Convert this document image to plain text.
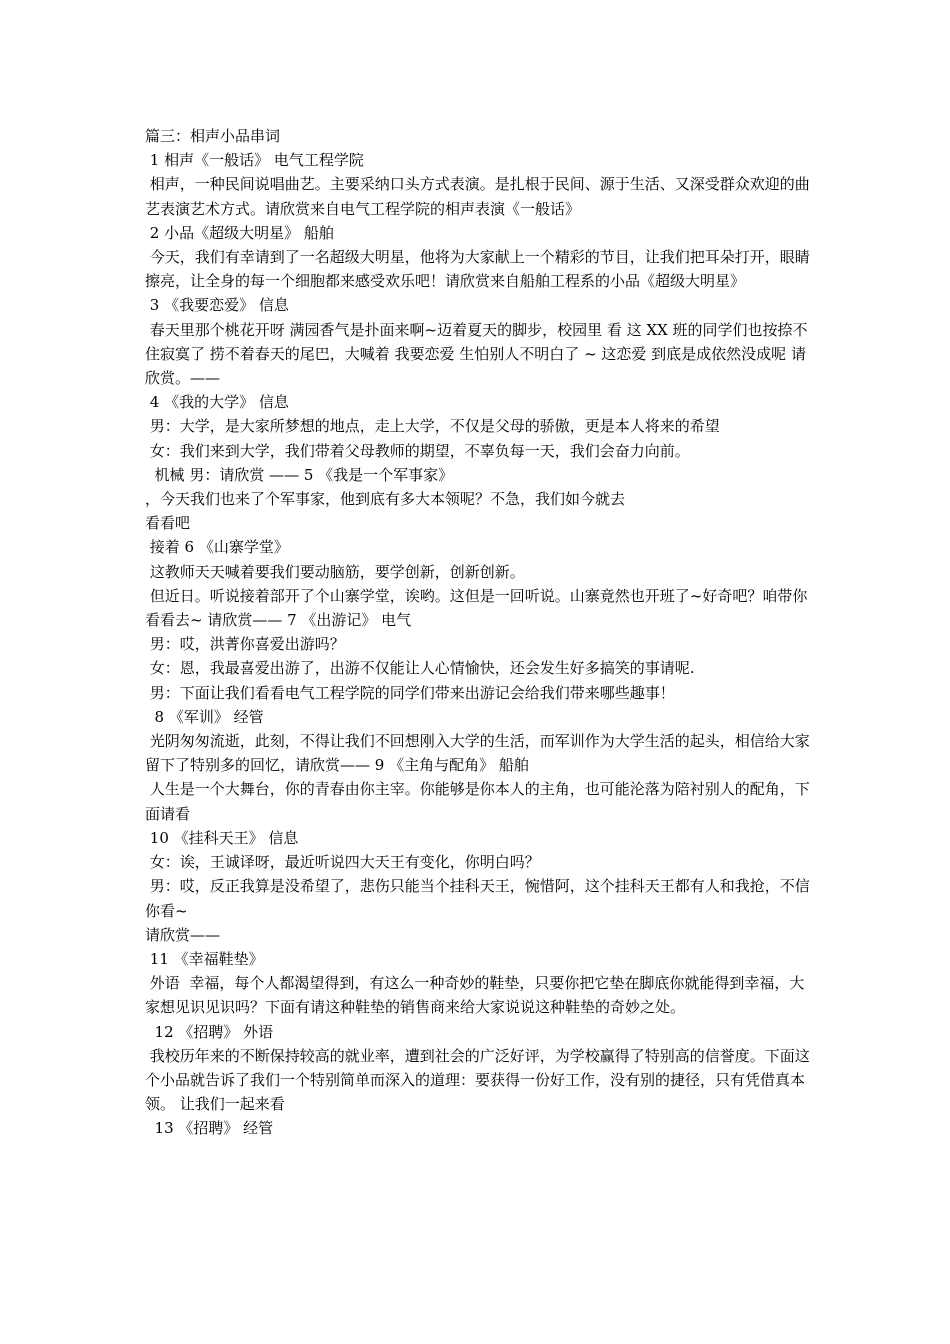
篇三：相声小品串词
1 相声《一般话》 电气工程学院
相声，一种民间说唱曲艺。主要采纳口头方式表演。是扎根于民间、源于生活、又深受群众欢迎的曲艺表演艺术方式。请欣赏来自电气工程学院的相声表演《一般话》
2 小品《超级大明星》 船舶
今天，我们有幸请到了一名超级大明星，他将为大家献上一个精彩的节目，让我们把耳朵打开，眼睛擦亮，让全身的每一个细胞都来感受欢乐吧！请欣赏来自船舶工程系的小品《超级大明星》
3 《我要恋爱》 信息
春天里那个桃花开呀 满园香气是扑面来啊~迈着夏天的脚步，校园里 看 这 XX 班的同学们也按捺不住寂寞了 捞不着春天的尾巴，大喊着 我要恋爱 生怕别人不明白了 ~ 这恋爱 到底是成依然没成呢 请欣赏。——
4 《我的大学》 信息
男：大学，是大家所梦想的地点，走上大学，不仅是父母的骄傲，更是本人将来的希望
女：我们来到大学，我们带着父母教师的期望，不辜负每一天，我们会奋力向前。
机械 男：请欣赏 —— 5 《我是一个军事家》
，今天我们也来了个军事家，他到底有多大本领呢？不急，我们如今就去
看看吧
接着 6 《山寨学堂》
这教师天天喊着要我们要动脑筋，要学创新，创新创新。
但近日。听说接着部开了个山寨学堂，诶哟。这但是一回听说。山寨竟然也开班了~好奇吧？咱带你看看去~ 请欣赏—— 7 《出游记》 电气
男：哎，洪菁你喜爱出游吗？
女：恩，我最喜爱出游了，出游不仅能让人心情愉快，还会发生好多搞笑的事请呢.
男：下面让我们看看电气工程学院的同学们带来出游记会给我们带来哪些趣事！
8 《军训》 经管
光阴匆匆流逝，此刻，不得让我们不回想刚入大学的生活，而军训作为大学生活的起头，相信给大家留下了特别多的回忆，请欣赏—— 9 《主角与配角》 船舶
人生是一个大舞台，你的青春由你主宰。你能够是你本人的主角，也可能沦落为陪衬别人的配角，下面请看
10 《挂科天王》 信息
女：诶，王诚译呀，最近听说四大天王有变化，你明白吗？
男：哎，反正我算是没希望了，悲伤只能当个挂科天王，惋惜阿，这个挂科天王都有人和我抢，不信你看~
请欣赏——
11 《幸福鞋垫》
外语  幸福，每个人都渴望得到，有这么一种奇妙的鞋垫，只要你把它垫在脚底你就能得到幸福，大家想见识见识吗？下面有请这种鞋垫的销售商来给大家说说这种鞋垫的奇妙之处。
12 《招聘》 外语
我校历年来的不断保持较高的就业率，遭到社会的广泛好评，为学校赢得了特别高的信誉度。下面这个小品就告诉了我们一个特别简单而深入的道理：要获得一份好工作，没有别的捷径，只有凭借真本领。 让我们一起来看
13 《招聘》 经管
